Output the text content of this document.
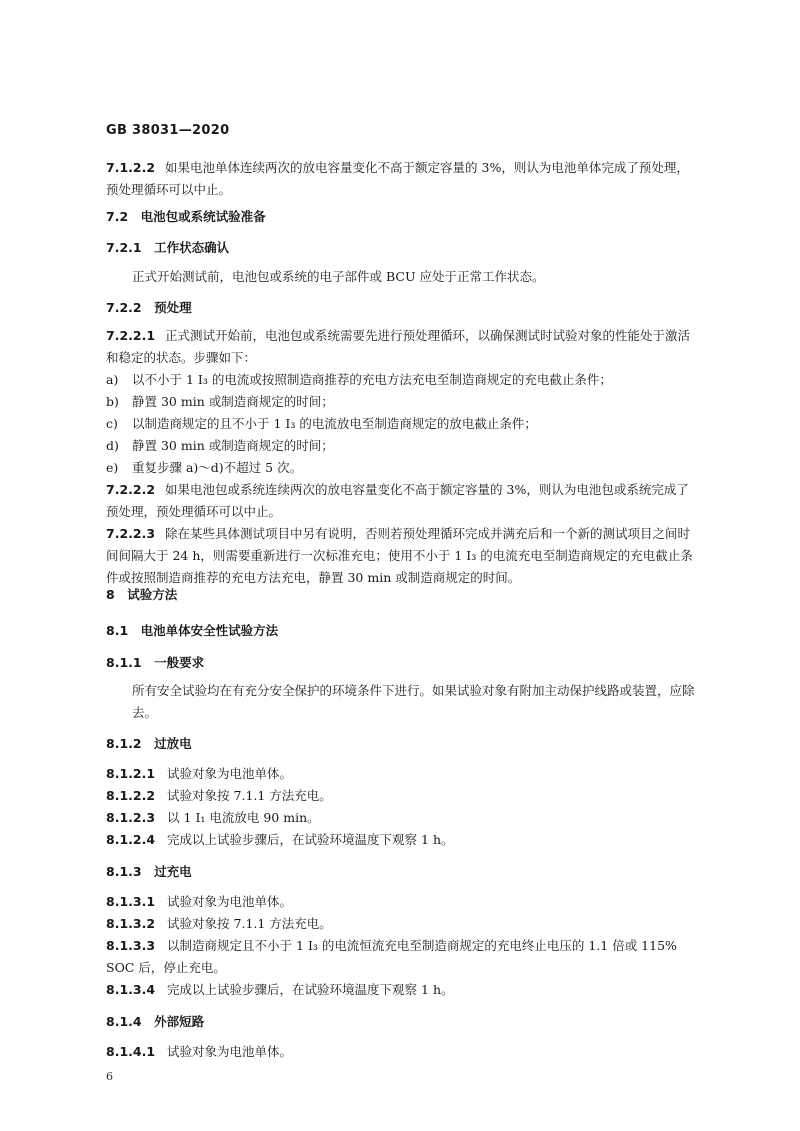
GB 38031—2020
7.1.2.2 如果电池单体连续两次的放电容量变化不高于额定容量的 3%，则认为电池单体完成了预处理，预处理循环可以中止。
7.2　电池包或系统试验准备
7.2.1　工作状态确认
正式开始测试前，电池包或系统的电子部件或 BCU 应处于正常工作状态。
7.2.2　预处理
7.2.2.1 正式测试开始前，电池包或系统需要先进行预处理循环，以确保测试时试验对象的性能处于激活和稳定的状态。步骤如下：
a) 以不小于 1 I₃ 的电流或按照制造商推荐的充电方法充电至制造商规定的充电截止条件；
b) 静置 30 min 或制造商规定的时间；
c) 以制造商规定的且不小于 1 I₃ 的电流放电至制造商规定的放电截止条件；
d) 静置 30 min 或制造商规定的时间；
e) 重复步骤 a)～d)不超过 5 次。
7.2.2.2 如果电池包或系统连续两次的放电容量变化不高于额定容量的 3%，则认为电池包或系统完成了预处理，预处理循环可以中止。
7.2.2.3 除在某些具体测试项目中另有说明，否则若预处理循环完成并满充后和一个新的测试项目之间时间间隔大于 24 h，则需要重新进行一次标准充电；使用不小于 1 I₃ 的电流充电至制造商规定的充电截止条件或按照制造商推荐的充电方法充电，静置 30 min 或制造商规定的时间。
8　试验方法
8.1　电池单体安全性试验方法
8.1.1　一般要求
所有安全试验均在有充分安全保护的环境条件下进行。如果试验对象有附加主动保护线路或装置，应除去。
8.1.2　过放电
8.1.2.1 试验对象为电池单体。
8.1.2.2 试验对象按 7.1.1 方法充电。
8.1.2.3 以 1 I₁ 电流放电 90 min。
8.1.2.4 完成以上试验步骤后，在试验环境温度下观察 1 h。
8.1.3　过充电
8.1.3.1 试验对象为电池单体。
8.1.3.2 试验对象按 7.1.1 方法充电。
8.1.3.3 以制造商规定且不小于 1 I₃ 的电流恒流充电至制造商规定的充电终止电压的 1.1 倍或 115% SOC 后，停止充电。
8.1.3.4 完成以上试验步骤后，在试验环境温度下观察 1 h。
8.1.4　外部短路
8.1.4.1 试验对象为电池单体。
6
